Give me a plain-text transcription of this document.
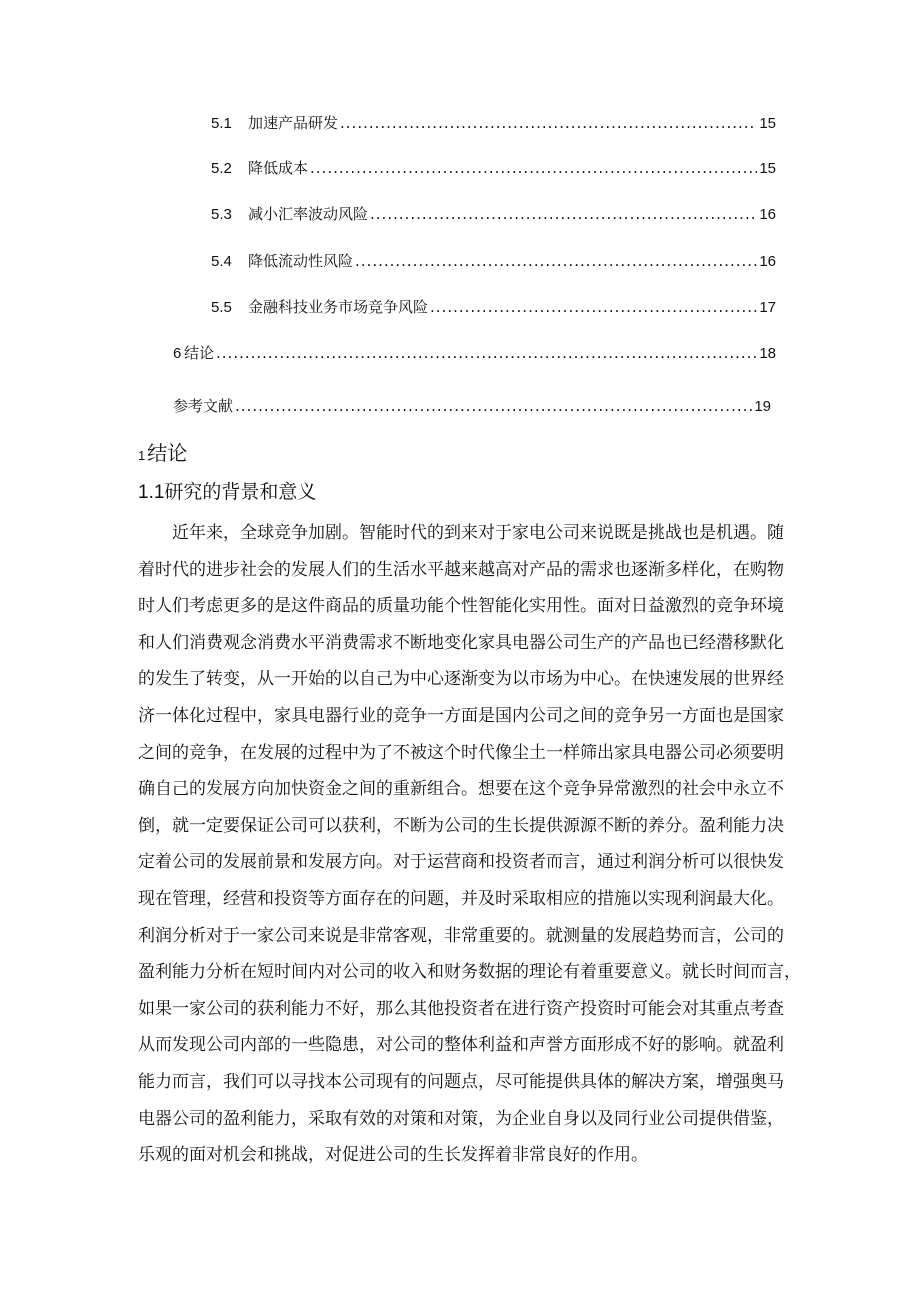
5.1	加速产品研发 .....	15
5.2	降低成本 .....	15
5.3	减小汇率波动风险 .....	16
5.4	降低流动性风险 .....	16
5.5	金融科技业务市场竞争风险 .....	17
6 结论 .....	18
参考文献 .....	19
1 结论
1.1研究的背景和意义
近年来，全球竞争加剧。智能时代的到来对于家电公司来说既是挑战也是机遇。随
着时代的进步社会的发展人们的生活水平越来越高对产品的需求也逐渐多样化，在购物
时人们考虑更多的是这件商品的质量功能个性智能化实用性。面对日益激烈的竞争环境
和人们消费观念消费水平消费需求不断地变化家具电器公司生产的产品也已经潜移默化
的发生了转变，从一开始的以自己为中心逐渐变为以市场为中心。在快速发展的世界经
济一体化过程中，家具电器行业的竞争一方面是国内公司之间的竞争另一方面也是国家
之间的竞争，在发展的过程中为了不被这个时代像尘土一样筛出家具电器公司必须要明
确自己的发展方向加快资金之间的重新组合。想要在这个竞争异常激烈的社会中永立不
倒，就一定要保证公司可以获利，不断为公司的生长提供源源不断的养分。盈利能力决
定着公司的发展前景和发展方向。对于运营商和投资者而言，通过利润分析可以很快发
现在管理，经营和投资等方面存在的问题，并及时采取相应的措施以实现利润最大化。
利润分析对于一家公司来说是非常客观，非常重要的。就测量的发展趋势而言，公司的
盈利能力分析在短时间内对公司的收入和财务数据的理论有着重要意义。就长时间而言，
如果一家公司的获利能力不好，那么其他投资者在进行资产投资时可能会对其重点考查
从而发现公司内部的一些隐患，对公司的整体利益和声誉方面形成不好的影响。就盈利
能力而言，我们可以寻找本公司现有的问题点，尽可能提供具体的解决方案，增强奥马
电器公司的盈利能力，采取有效的对策和对策，为企业自身以及同行业公司提供借鉴，
乐观的面对机会和挑战，对促进公司的生长发挥着非常良好的作用。
